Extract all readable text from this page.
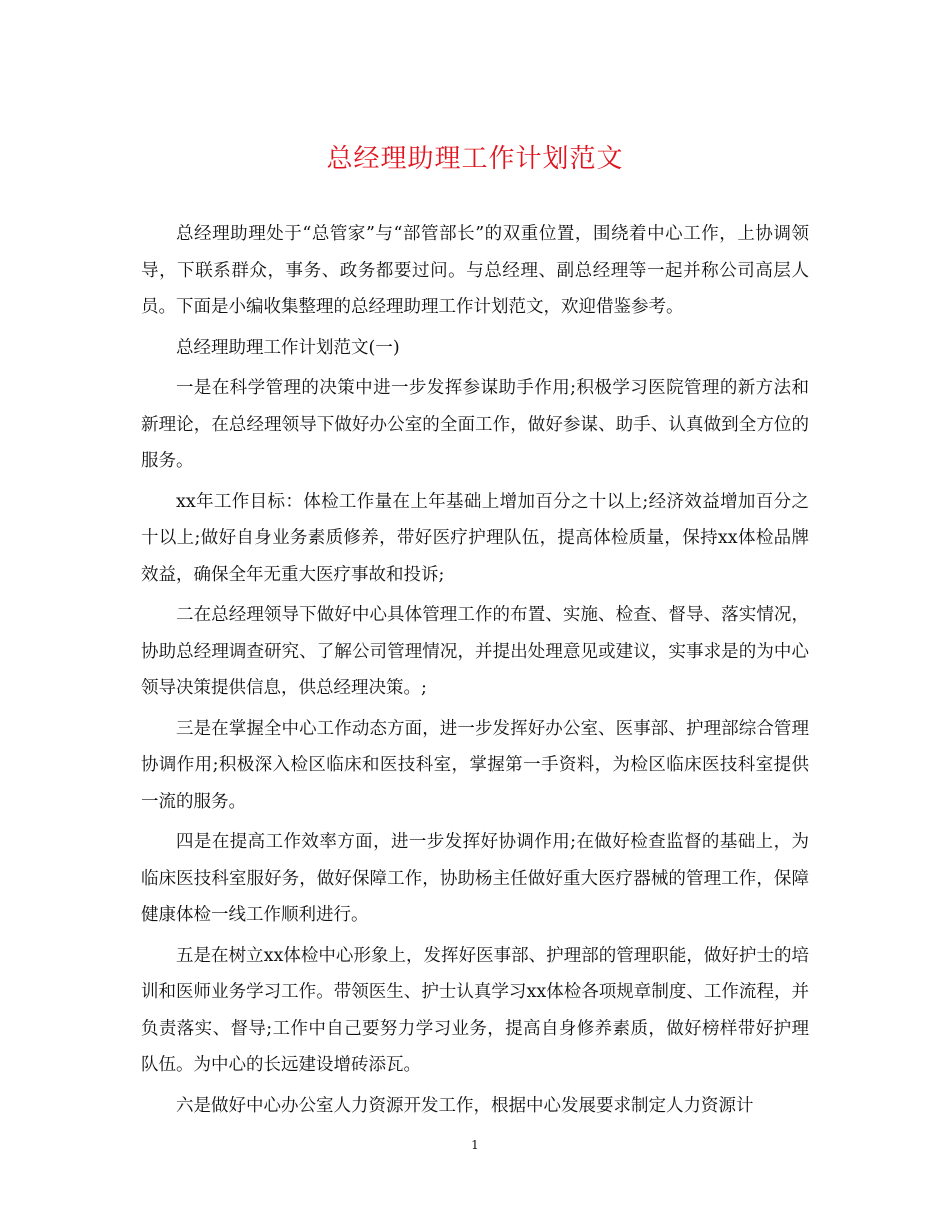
总经理助理工作计划范文

总经理助理处于“总管家”与“部管部长”的双重位置，围绕着中心工作，上协调领导，下联系群众，事务、政务都要过问。与总经理、副总经理等一起并称公司高层人员。下面是小编收集整理的总经理助理工作计划范文，欢迎借鉴参考。

总经理助理工作计划范文(一)

一是在科学管理的决策中进一步发挥参谋助手作用;积极学习医院管理的新方法和新理论，在总经理领导下做好办公室的全面工作，做好参谋、助手、认真做到全方位的服务。

xx年工作目标：体检工作量在上年基础上增加百分之十以上;经济效益增加百分之十以上;做好自身业务素质修养，带好医疗护理队伍，提高体检质量，保持xx体检品牌效益，确保全年无重大医疗事故和投诉;

二在总经理领导下做好中心具体管理工作的布置、实施、检查、督导、落实情况，协助总经理调查研究、了解公司管理情况，并提出处理意见或建议，实事求是的为中心领导决策提供信息，供总经理决策。;

三是在掌握全中心工作动态方面，进一步发挥好办公室、医事部、护理部综合管理协调作用;积极深入检区临床和医技科室，掌握第一手资料，为检区临床医技科室提供一流的服务。

四是在提高工作效率方面，进一步发挥好协调作用;在做好检查监督的基础上，为临床医技科室服好务，做好保障工作，协助杨主任做好重大医疗器械的管理工作，保障健康体检一线工作顺利进行。

五是在树立xx体检中心形象上，发挥好医事部、护理部的管理职能，做好护士的培训和医师业务学习工作。带领医生、护士认真学习xx体检各项规章制度、工作流程，并负责落实、督导;工作中自己要努力学习业务，提高自身修养素质，做好榜样带好护理队伍。为中心的长远建设增砖添瓦。

六是做好中心办公室人力资源开发工作，根据中心发展要求制定人力资源计

1
